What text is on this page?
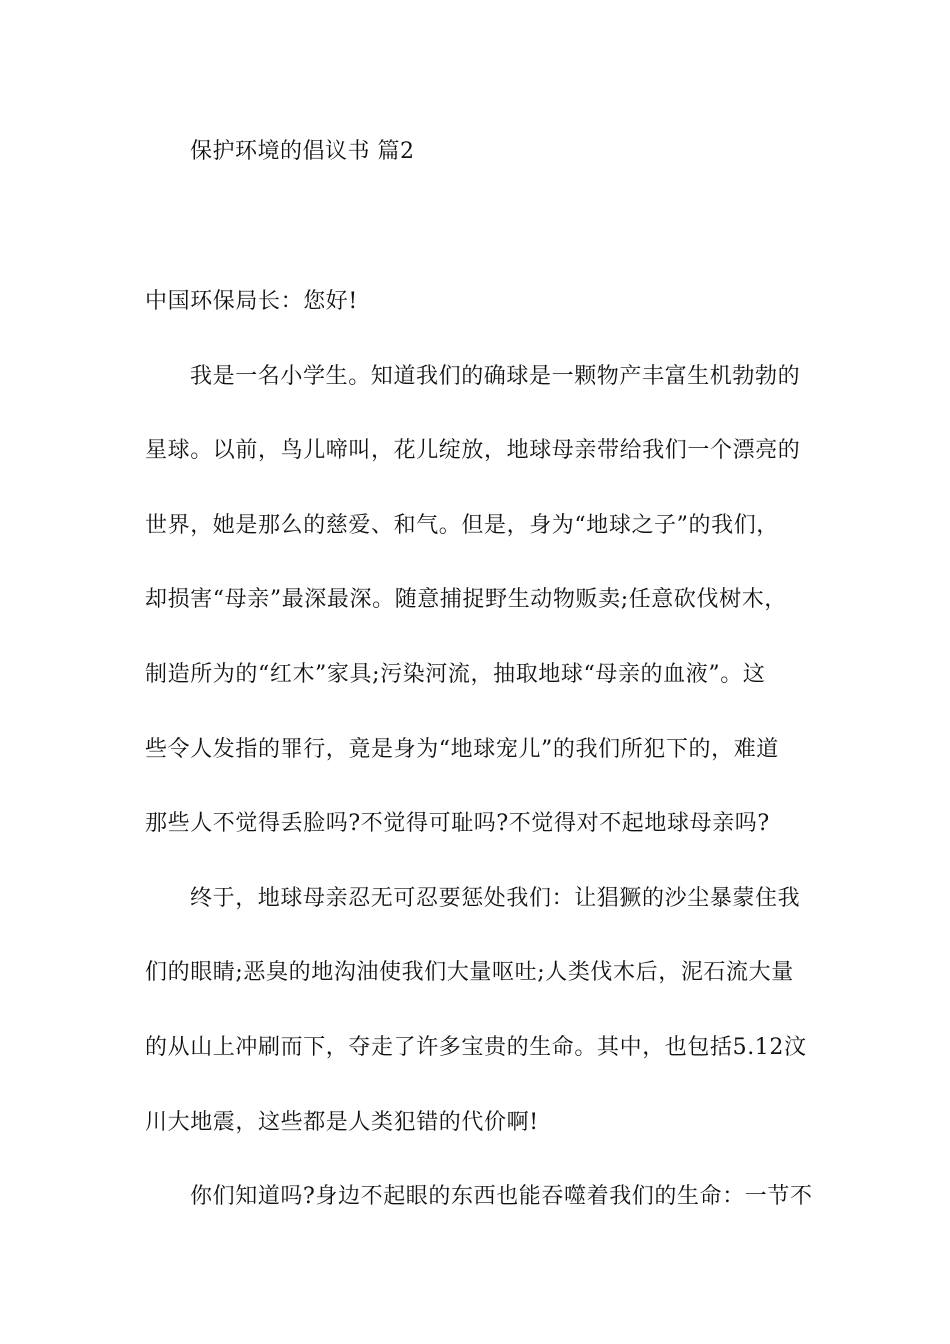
保护环境的倡议书 篇2
中国环保局长：您好!
我是一名小学生。知道我们的确球是一颗物产丰富生机勃勃的
星球。以前，鸟儿啼叫，花儿绽放，地球母亲带给我们一个漂亮的
世界，她是那么的慈爱、和气。但是，身为“地球之子”的我们，
却损害“母亲”最深最深。随意捕捉野生动物贩卖;任意砍伐树木，
制造所为的“红木”家具;污染河流，抽取地球“母亲的血液”。这
些令人发指的罪行，竟是身为“地球宠儿”的我们所犯下的，难道
那些人不觉得丢脸吗?不觉得可耻吗?不觉得对不起地球母亲吗?
终于，地球母亲忍无可忍要惩处我们：让猖獗的沙尘暴蒙住我
们的眼睛;恶臭的地沟油使我们大量呕吐;人类伐木后，泥石流大量
的从山上冲刷而下，夺走了许多宝贵的生命。其中，也包括5.12汶
川大地震，这些都是人类犯错的代价啊!
你们知道吗?身边不起眼的东西也能吞噬着我们的生命：一节不
